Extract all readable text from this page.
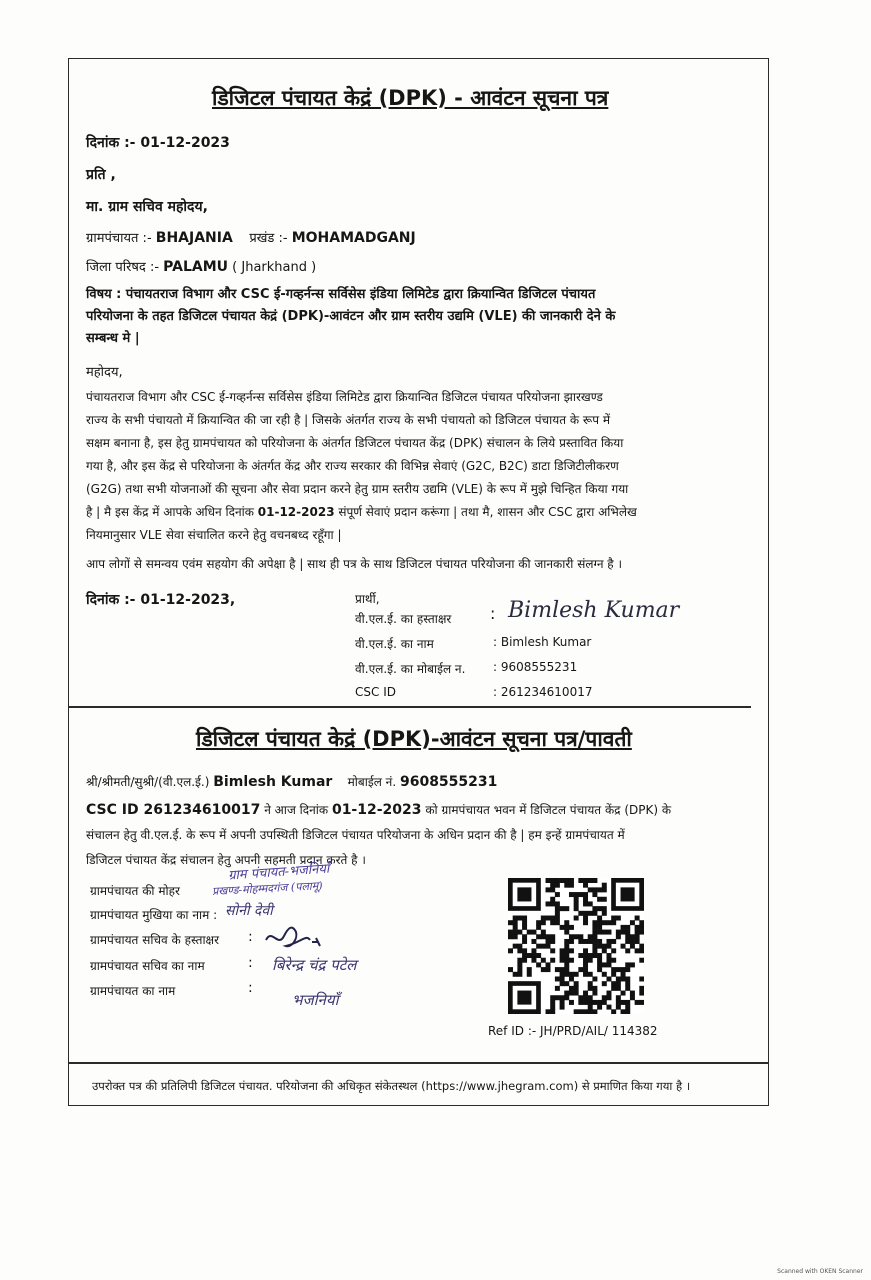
डिजिटल पंचायत केद्रं (DPK) - आवंटन सूचना पत्र
दिनांक :- 01-12-2023
प्रति ,
मा. ग्राम सचिव महोदय,
ग्रामपंचायत :- BHAJANIA प्रखंड :- MOHAMADGANJ
जिला परिषद :- PALAMU ( Jharkhand )
विषय : पंचायतराज विभाग और CSC ई-गव्हर्नन्स सर्विसेस इंडिया लिमिटेड द्वारा क्रियान्वित डिजिटल पंचायत
परियोजना के तहत डिजिटल पंचायत केद्रं (DPK)-आवंटन और ग्राम स्तरीय उद्यमि (VLE) की जानकारी देने के
सम्बन्ध मे |
महोदय,
पंचायतराज विभाग और CSC ई-गव्हर्नन्स सर्विसेस इंडिया लिमिटेड द्वारा क्रियान्वित डिजिटल पंचायत परियोजना झारखण्ड
राज्य के सभी पंचायतो में क्रियान्वित की जा रही है | जिसके अंतर्गत राज्य के सभी पंचायतो को डिजिटल पंचायत के रूप में
सक्षम बनाना है, इस हेतु ग्रामपंचायत को परियोजना के अंतर्गत डिजिटल पंचायत केंद्र (DPK) संचालन के लिये प्रस्तावित किया
गया है, और इस केंद्र से परियोजना के अंतर्गत केंद्र और राज्य सरकार की विभिन्न सेवाएं (G2C, B2C) डाटा डिजिटीलीकरण
(G2G) तथा सभी योजनाओं की सूचना और सेवा प्रदान करने हेतु ग्राम स्तरीय उद्यमि (VLE) के रूप में मुझे चिन्हित किया गया
है | मै इस केंद्र में आपके अधिन दिनांक 01-12-2023 संपूर्ण सेवाएं प्रदान करूंगा | तथा मै, शासन और CSC द्वारा अभिलेख
नियमानुसार VLE सेवा संचालित करने हेतु वचनबध्द रहूँगा |
आप लोगों से समन्वय एवंम सहयोग की अपेक्षा है | साथ ही पत्र के साथ डिजिटल पंचायत परियोजना की जानकारी संलग्न है ।
दिनांक :- 01-12-2023,	प्रार्थी,
वी.एल.ई. का हस्ताक्षर : Bimlesh Kumar
वी.एल.ई. का नाम	: Bimlesh Kumar
वी.एल.ई. का मोबाईल न. : 9608555231
CSC ID	: 261234610017
डिजिटल पंचायत केद्रं (DPK)-आवंटन सूचना पत्र/पावती
श्री/श्रीमती/सुश्री/(वी.एल.ई.) Bimlesh Kumar मोबाईल नं. 9608555231
CSC ID 261234610017 ने आज दिनांक 01-12-2023 को ग्रामपंचायत भवन में डिजिटल पंचायत केंद्र (DPK) के
संचालन हेतु वी.एल.ई. के रूप में अपनी उपस्थिती डिजिटल पंचायत परियोजना के अधिन प्रदान की है | हम इन्हें ग्रामपंचायत में
डिजिटल पंचायत केंद्र संचालन हेतु अपनी सहमती प्रदान करते है ।
ग्राम पंचायत-भजनियाँ
प्रखण्ड-मोहम्मदगंज (पलामू)
ग्रामपंचायत की मोहर
ग्रामपंचायत मुखिया का नाम : सोनी देवी
ग्रामपंचायत सचिव के हस्ताक्षर :
ग्रामपंचायत सचिव का नाम	: बिरेन्द्र चंद्र पटेल
ग्रामपंचायत का नाम	:
भजनियाँ
Ref ID :- JH/PRD/AIL/ 114382
उपरोक्त पत्र की प्रतिलिपी डिजिटल पंचायत. परियोजना की अधिकृत संकेतस्थल (https://www.jhegram.com) से प्रमाणित किया गया है ।
Scanned with OKEN Scanner
